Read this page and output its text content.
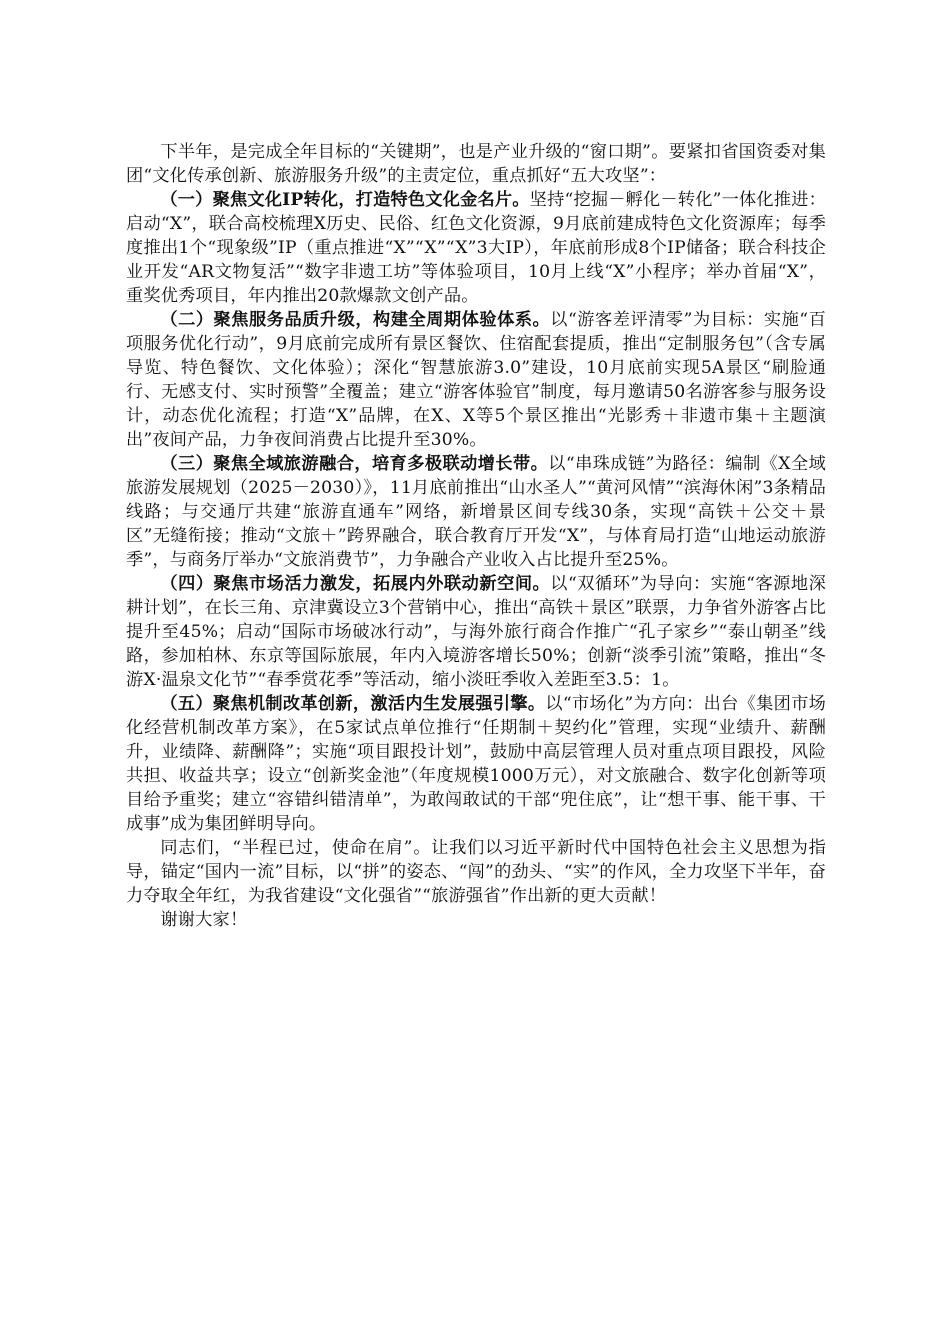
下半年，是完成全年目标的“关键期”，也是产业升级的“窗口期”。要紧扣省国资委对集团“文化传承创新、旅游服务升级”的主责定位，重点抓好“五大攻坚”：

（一）聚焦文化IP转化，打造特色文化金名片。坚持“挖掘－孵化－转化”一体化推进：启动“X”，联合高校梳理X历史、民俗、红色文化资源，9月底前建成特色文化资源库；每季度推出1个“现象级”IP（重点推进“X”“X”“X”3大IP），年底前形成8个IP储备；联合科技企业开发“AR文物复活”“数字非遗工坊”等体验项目，10月上线“X”小程序；举办首届“X”，重奖优秀项目，年内推出20款爆款文创产品。

（二）聚焦服务品质升级，构建全周期体验体系。以“游客差评清零”为目标：实施“百项服务优化行动”，9月底前完成所有景区餐饮、住宿配套提质，推出“定制服务包”（含专属导览、特色餐饮、文化体验）；深化“智慧旅游3.0”建设，10月底前实现5A景区“刷脸通行、无感支付、实时预警”全覆盖；建立“游客体验官”制度，每月邀请50名游客参与服务设计，动态优化流程；打造“X”品牌，在X、X等5个景区推出“光影秀＋非遗市集＋主题演出”夜间产品，力争夜间消费占比提升至30%。

（三）聚焦全域旅游融合，培育多极联动增长带。以“串珠成链”为路径：编制《X全域旅游发展规划（2025－2030）》，11月底前推出“山水圣人”“黄河风情”“滨海休闲”3条精品线路；与交通厅共建“旅游直通车”网络，新增景区间专线30条，实现“高铁＋公交＋景区”无缝衔接；推动“文旅＋”跨界融合，联合教育厅开发“X”，与体育局打造“山地运动旅游季”，与商务厅举办“文旅消费节”，力争融合产业收入占比提升至25%。

（四）聚焦市场活力激发，拓展内外联动新空间。以“双循环”为导向：实施“客源地深耕计划”，在长三角、京津冀设立3个营销中心，推出“高铁＋景区”联票，力争省外游客占比提升至45%；启动“国际市场破冰行动”，与海外旅行商合作推广“孔子家乡”“泰山朝圣”线路，参加柏林、东京等国际旅展，年内入境游客增长50%；创新“淡季引流”策略，推出“冬游X·温泉文化节”“春季赏花季”等活动，缩小淡旺季收入差距至3.5：1。

（五）聚焦机制改革创新，激活内生发展强引擎。以“市场化”为方向：出台《集团市场化经营机制改革方案》，在5家试点单位推行“任期制＋契约化”管理，实现“业绩升、薪酬升，业绩降、薪酬降”；实施“项目跟投计划”，鼓励中高层管理人员对重点项目跟投，风险共担、收益共享；设立“创新奖金池”（年度规模1000万元），对文旅融合、数字化创新等项目给予重奖；建立“容错纠错清单”，为敢闯敢试的干部“兜住底”，让“想干事、能干事、干成事”成为集团鲜明导向。

同志们，“半程已过，使命在肩”。让我们以习近平新时代中国特色社会主义思想为指导，锚定“国内一流”目标，以“拼”的姿态、“闯”的劲头、“实”的作风，全力攻坚下半年，奋力夺取全年红，为我省建设“文化强省”“旅游强省”作出新的更大贡献！

谢谢大家！
